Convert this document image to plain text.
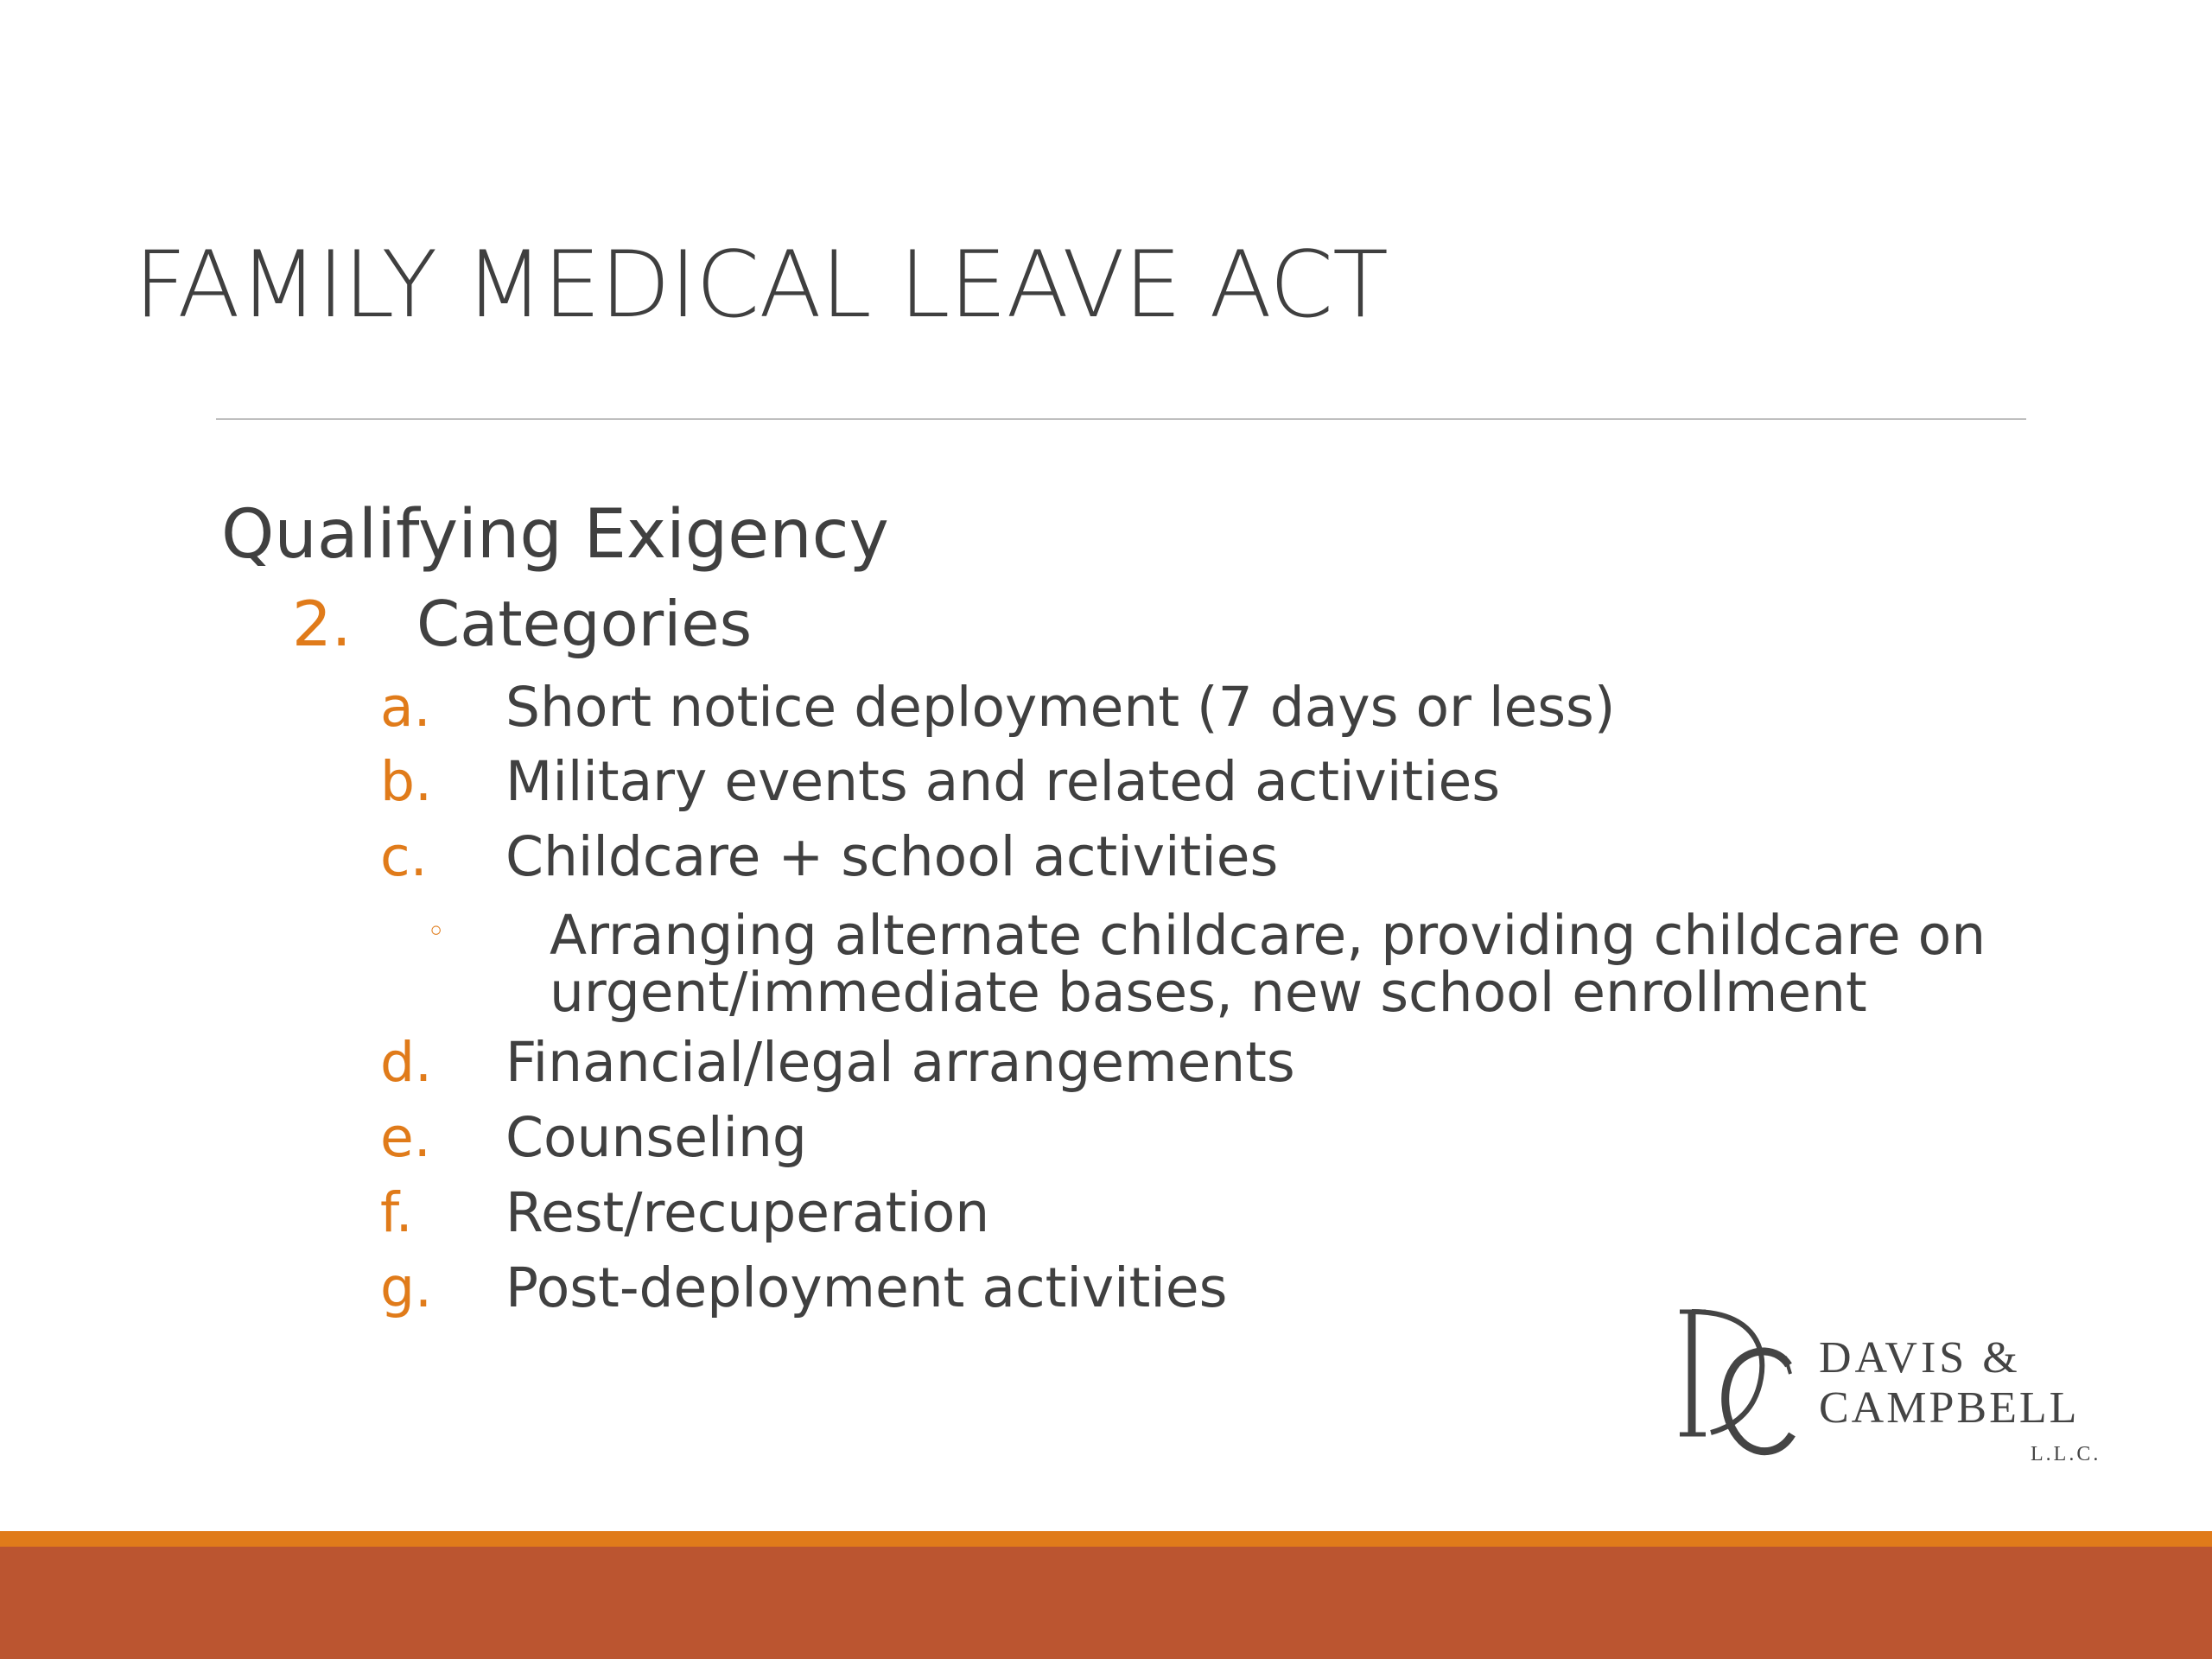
FAMILY MEDICAL LEAVE ACT
Qualifying Exigency
2. Categories
a. Short notice deployment (7 days or less)
b. Military events and related activities
c. Childcare + school activities
◦ Arranging alternate childcare, providing childcare on urgent/immediate bases, new school enrollment
d. Financial/legal arrangements
e. Counseling
f. Rest/recuperation
g. Post-deployment activities
DAVIS &
CAMPBELL
L.L.C.
